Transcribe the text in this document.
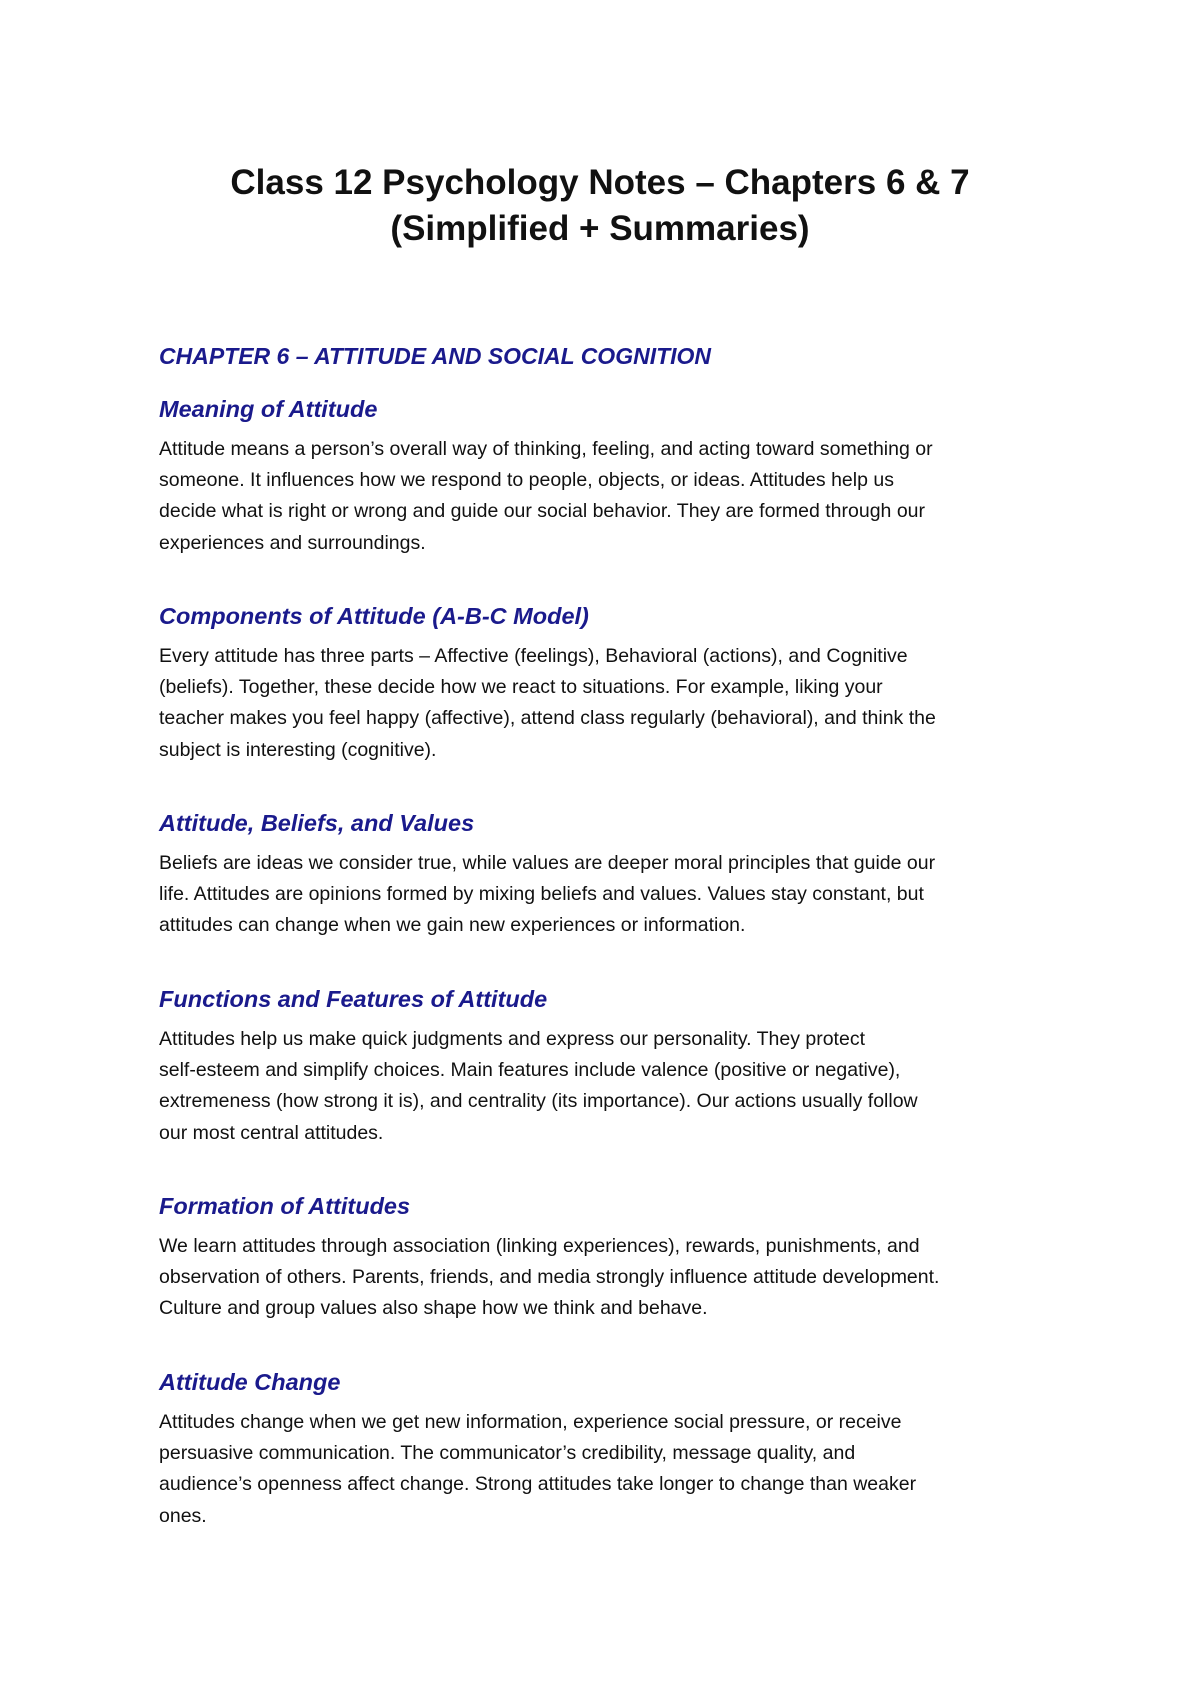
Class 12 Psychology Notes – Chapters 6 & 7
(Simplified + Summaries)
CHAPTER 6 – ATTITUDE AND SOCIAL COGNITION
Meaning of Attitude

Attitude means a person’s overall way of thinking, feeling, and acting toward something or
someone. It influences how we respond to people, objects, or ideas. Attitudes help us
decide what is right or wrong and guide our social behavior. They are formed through our
experiences and surroundings.

Components of Attitude (A-B-C Model)

Every attitude has three parts – Affective (feelings), Behavioral (actions), and Cognitive
(beliefs). Together, these decide how we react to situations. For example, liking your
teacher makes you feel happy (affective), attend class regularly (behavioral), and think the
subject is interesting (cognitive).

Attitude, Beliefs, and Values

Beliefs are ideas we consider true, while values are deeper moral principles that guide our
life. Attitudes are opinions formed by mixing beliefs and values. Values stay constant, but
attitudes can change when we gain new experiences or information.

Functions and Features of Attitude

Attitudes help us make quick judgments and express our personality. They protect
self-esteem and simplify choices. Main features include valence (positive or negative),
extremeness (how strong it is), and centrality (its importance). Our actions usually follow
our most central attitudes.

Formation of Attitudes

We learn attitudes through association (linking experiences), rewards, punishments, and
observation of others. Parents, friends, and media strongly influence attitude development.
Culture and group values also shape how we think and behave.

Attitude Change

Attitudes change when we get new information, experience social pressure, or receive
persuasive communication. The communicator’s credibility, message quality, and
audience’s openness affect change. Strong attitudes take longer to change than weaker
ones.
